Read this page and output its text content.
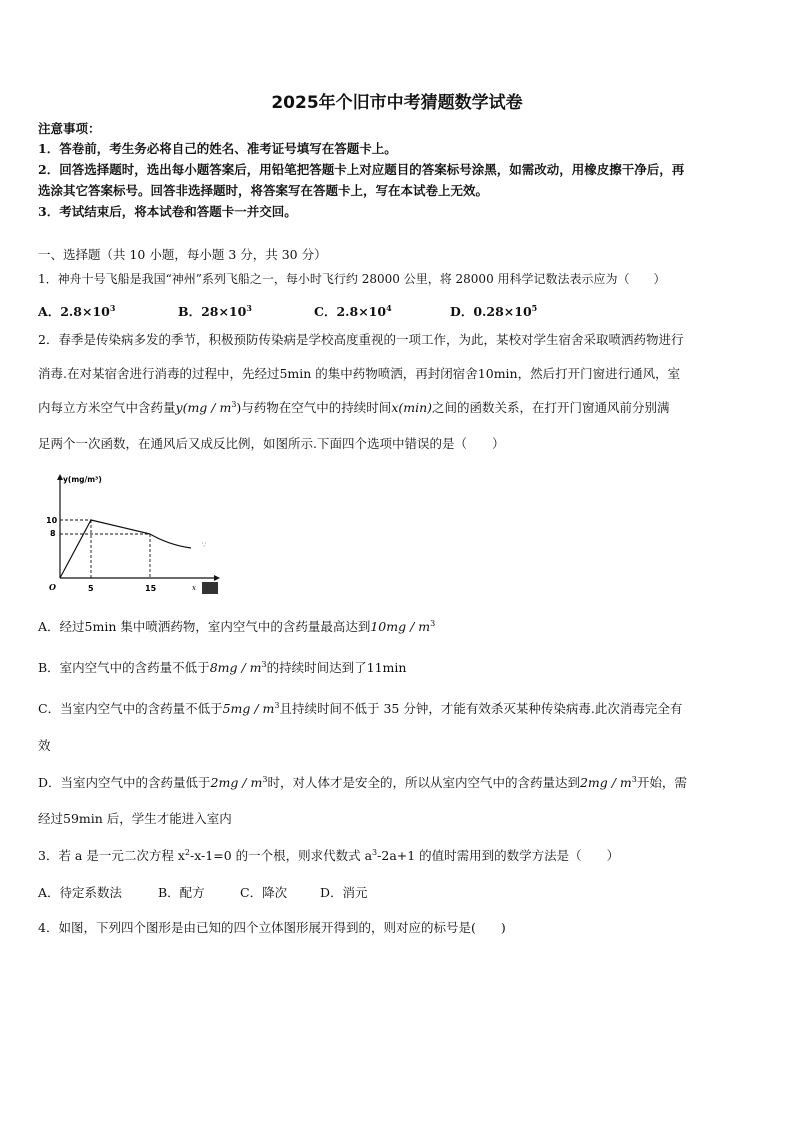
2025年个旧市中考猜题数学试卷
注意事项：
1．答卷前，考生务必将自己的姓名、准考证号填写在答题卡上。
2．回答选择题时，选出每小题答案后，用铅笔把答题卡上对应题目的答案标号涂黑，如需改动，用橡皮擦干净后，再
选涂其它答案标号。回答非选择题时，将答案写在答题卡上，写在本试卷上无效。
3．考试结束后，将本试卷和答题卡一并交回。
一、选择题（共 10 小题，每小题 3 分，共 30 分）
1．神舟十号飞船是我国“神州”系列飞船之一，每小时飞行约 28000 公里，将 28000 用科学记数法表示应为（　　）
A．$2.8\times 10^3$	B．$28\times 10^3$	C．$2.8\times 10^4$	D．$0.28\times 10^5$
2．春季是传染病多发的季节，积极预防传染病是学校高度重视的一项工作，为此，某校对学生宿舍采取喷洒药物进行
消毒.在对某宿舍进行消毒的过程中，先经过5min 的集中药物喷洒，再封闭宿舍10min，然后打开门窗进行通风，室
内每立方米空气中含药量$y(mg / m^3)$与药物在空气中的持续时间x(min)之间的函数关系，在打开门窗通风前分别满
足两个一次函数，在通风后又成反比例，如图所示.下面四个选项中错误的是（　　）
∵
y(mg/m³)
10
8
O	5	15	x
A．经过5min 集中喷洒药物，室内空气中的含药量最高达到$10mg / m^3$
B．室内空气中的含药量不低于$8mg / m^3$的持续时间达到了11min
C．当室内空气中的含药量不低于$5mg / m^3$且持续时间不低于 35 分钟，才能有效杀灭某种传染病毒.此次消毒完全有
效
D．当室内空气中的含药量低于$2mg / m^3$时，对人体才是安全的，所以从室内空气中的含药量达到$2mg / m^3$开始，需
经过59min 后，学生才能进入室内
3．若 a 是一元二次方程 $x^2-x-1=0$ 的一个根，则求代数式 $a^3-2a+1$ 的值时需用到的数学方法是（　　）
A．待定系数法	B．配方	C．降次	D．消元
4．如图，下列四个图形是由已知的四个立体图形展开得到的，则对应的标号是(　　)
